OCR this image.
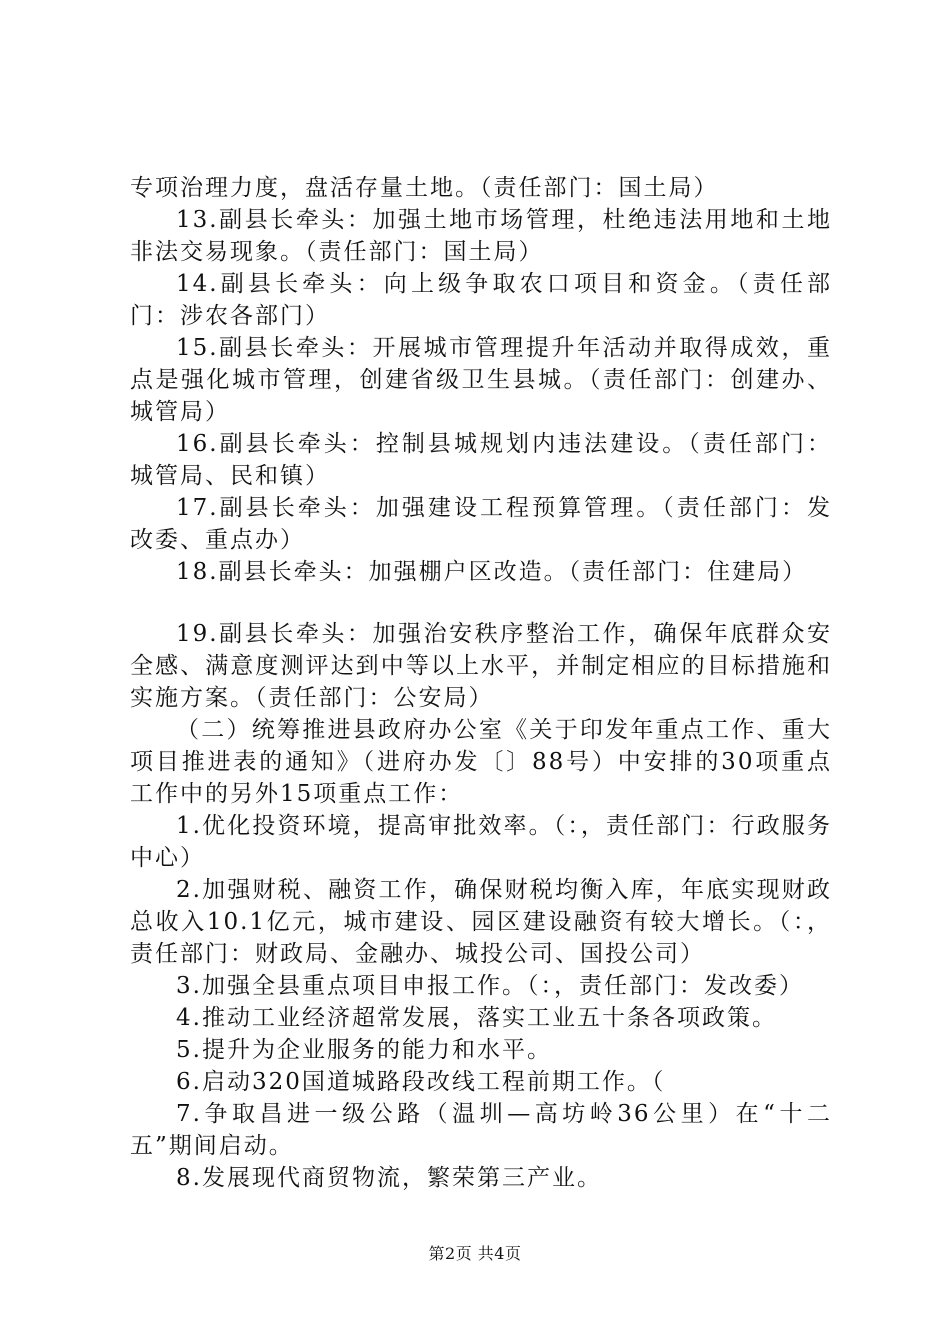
专项治理力度，盘活存量土地。（责任部门：国土局）

13.副县长牵头：加强土地市场管理，杜绝违法用地和土地非法交易现象。（责任部门：国土局）

14.副县长牵头：向上级争取农口项目和资金。（责任部门：涉农各部门）

15.副县长牵头：开展城市管理提升年活动并取得成效，重点是强化城市管理，创建省级卫生县城。（责任部门：创建办、城管局）

16.副县长牵头：控制县城规划内违法建设。（责任部门：城管局、民和镇）

17.副县长牵头：加强建设工程预算管理。（责任部门：发改委、重点办）

18.副县长牵头：加强棚户区改造。（责任部门：住建局）

19.副县长牵头：加强治安秩序整治工作，确保年底群众安全感、满意度测评达到中等以上水平，并制定相应的目标措施和实施方案。（责任部门：公安局）

（二）统筹推进县政府办公室《关于印发年重点工作、重大项目推进表的通知》（进府办发〔〕88号）中安排的30项重点工作中的另外15项重点工作：

1.优化投资环境，提高审批效率。（：，责任部门：行政服务中心）

2.加强财税、融资工作，确保财税均衡入库，年底实现财政总收入10.1亿元，城市建设、园区建设融资有较大增长。（：，责任部门：财政局、金融办、城投公司、国投公司）

3.加强全县重点项目申报工作。（：，责任部门：发改委）

4.推动工业经济超常发展，落实工业五十条各项政策。

5.提升为企业服务的能力和水平。

6.启动320国道城路段改线工程前期工作。（

7.争取昌进一级公路（温圳—高坊岭36公里）在“十二五”期间启动。

8.发展现代商贸物流，繁荣第三产业。

第2页 共4页
